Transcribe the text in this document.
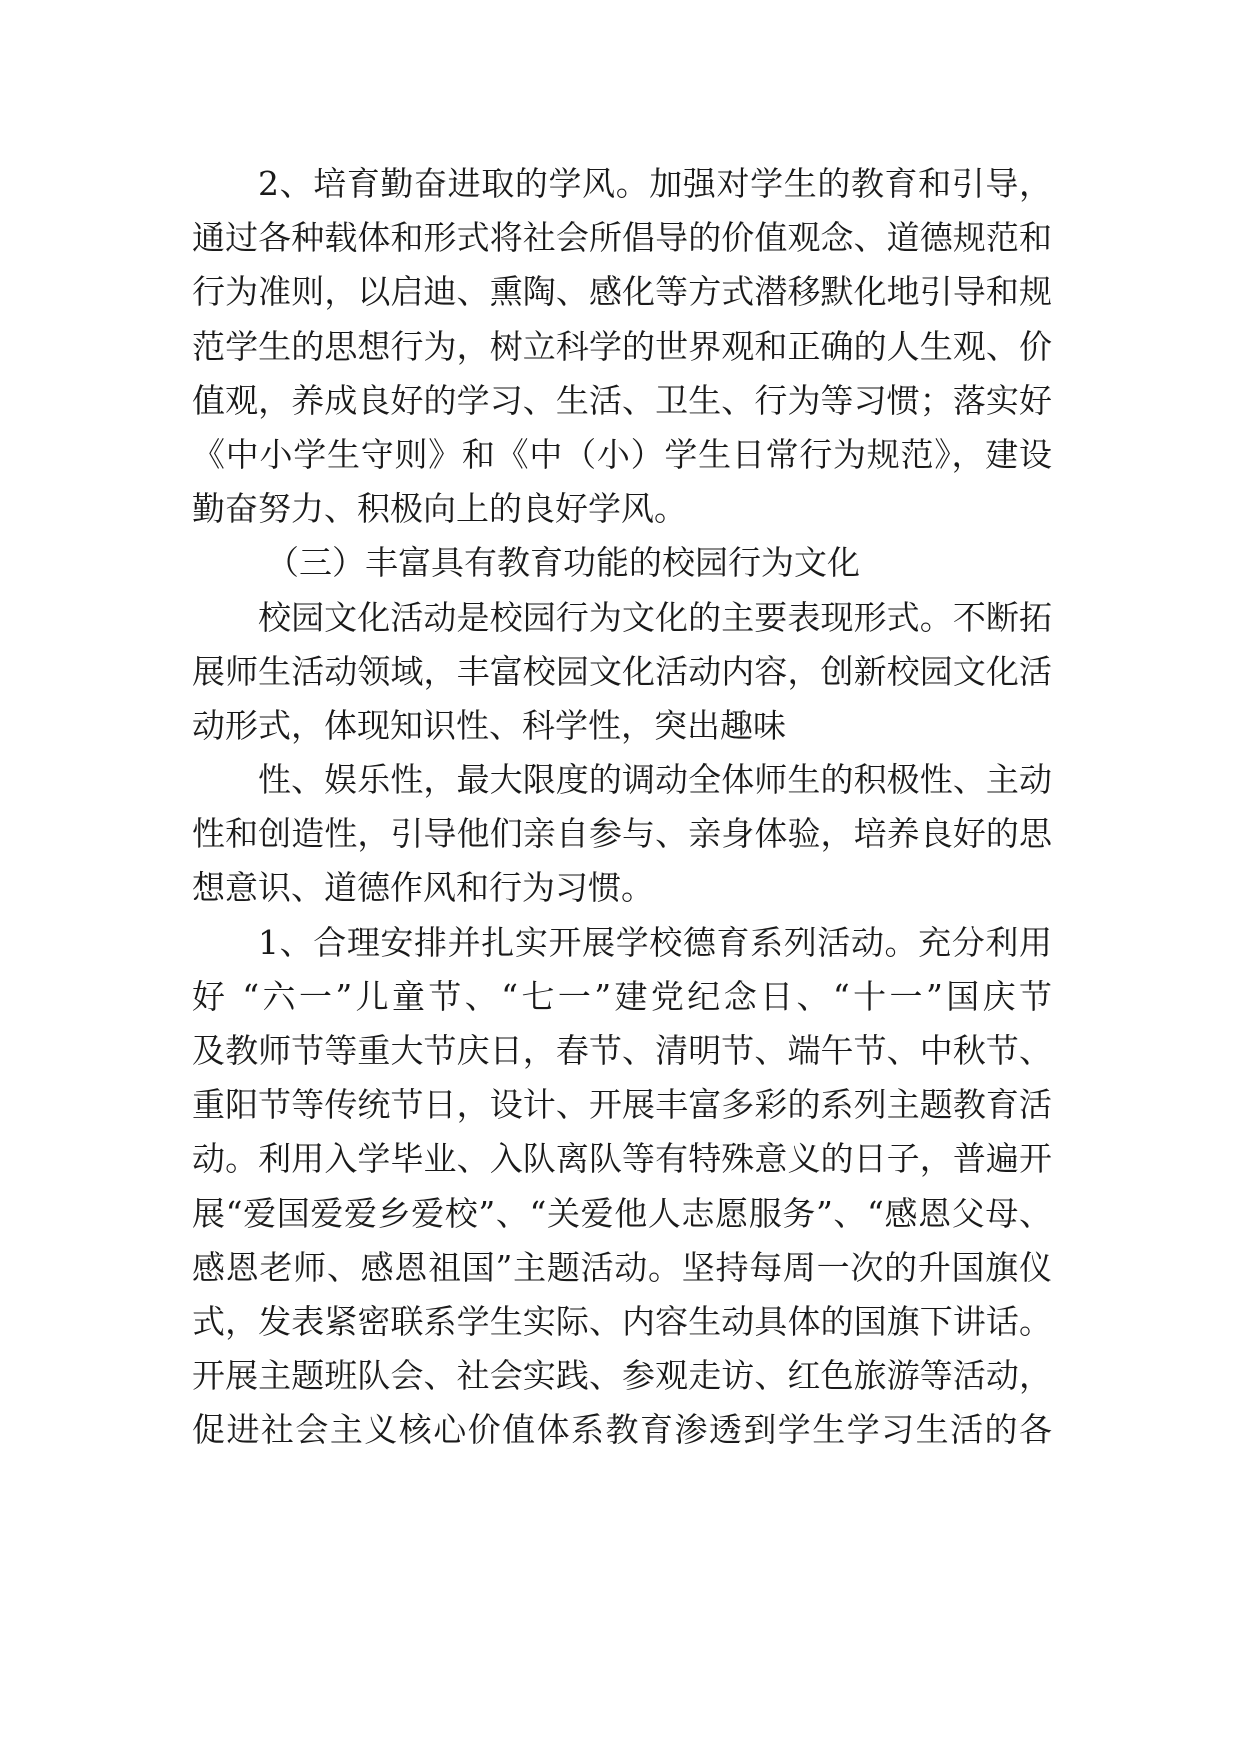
2、培育勤奋进取的学风。加强对学生的教育和引导，
通过各种载体和形式将社会所倡导的价值观念、道德规范和
行为准则，以启迪、熏陶、感化等方式潜移默化地引导和规
范学生的思想行为，树立科学的世界观和正确的人生观、价
值观，养成良好的学习、生活、卫生、行为等习惯；落实好
《中小学生守则》和《中（小）学生日常行为规范》，建设
勤奋努力、积极向上的良好学风。
（三）丰富具有教育功能的校园行为文化
校园文化活动是校园行为文化的主要表现形式。不断拓
展师生活动领域，丰富校园文化活动内容，创新校园文化活
动形式，体现知识性、科学性，突出趣味
性、娱乐性，最大限度的调动全体师生的积极性、主动
性和创造性，引导他们亲自参与、亲身体验，培养良好的思
想意识、道德作风和行为习惯。
1、合理安排并扎实开展学校德育系列活动。充分利用
好 “六一”儿童节、“七一”建党纪念日、“十一”国庆节
及教师节等重大节庆日，春节、清明节、端午节、中秋节、
重阳节等传统节日，设计、开展丰富多彩的系列主题教育活
动。利用入学毕业、入队离队等有特殊意义的日子，普遍开
展“爱国爱爱乡爱校”、“关爱他人志愿服务”、“感恩父母、
感恩老师、感恩祖国”主题活动。坚持每周一次的升国旗仪
式，发表紧密联系学生实际、内容生动具体的国旗下讲话。
开展主题班队会、社会实践、参观走访、红色旅游等活动，
促进社会主义核心价值体系教育渗透到学生学习生活的各
